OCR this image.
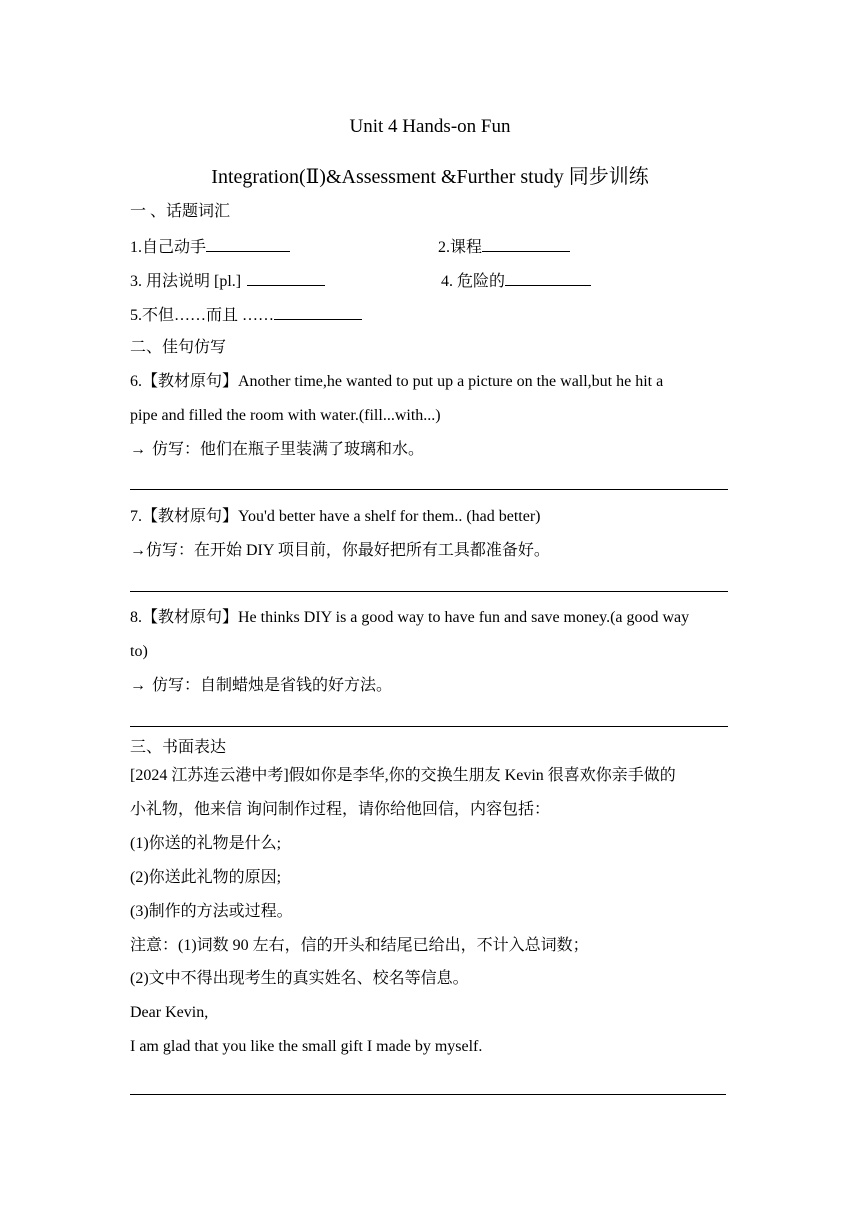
Unit 4 Hands-on Fun
Integration(Ⅱ)&Assessment &Further study 同步训练
一 、话题词汇
1.自己动手	2.课程
3. 用法说明 [pl.]	4. 危险的
5.不但……而且 ……
二、佳句仿写
6.【教材原句】Another time,he wanted to put up a picture on the wall,but he hit a
pipe and filled the room with water.(fill...with...)
→ 仿写：他们在瓶子里装满了玻璃和水。
7.【教材原句】You'd better have a shelf for them.. (had better)
→仿写：在开始 DIY 项目前，你最好把所有工具都准备好。
8.【教材原句】He thinks DIY is a good way to have fun and save money.(a good way
to)
→ 仿写：自制蜡烛是省钱的好方法。
三、书面表达
[2024 江苏连云港中考]假如你是李华,你的交换生朋友 Kevin 很喜欢你亲手做的
小礼物，他来信 询问制作过程，请你给他回信，内容包括：
(1)你送的礼物是什么;
(2)你送此礼物的原因;
(3)制作的方法或过程。
注意：(1)词数 90 左右，信的开头和结尾已给出，不计入总词数；
(2)文中不得出现考生的真实姓名、校名等信息。
Dear Kevin,
I am glad that you like the small gift I made by myself.
